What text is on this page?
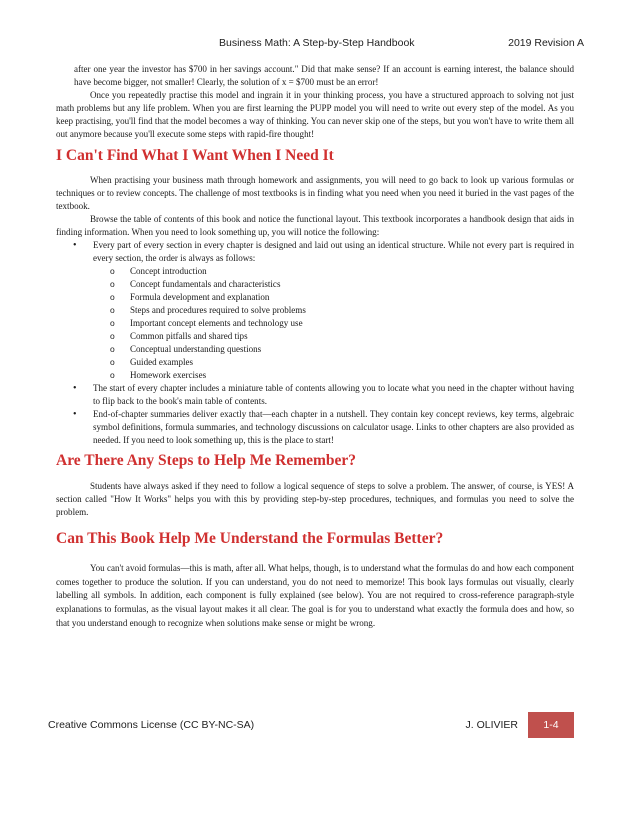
Business Math: A Step-by-Step Handbook	2019 Revision A

after one year the investor has $700 in her savings account." Did that make sense? If an account is earning interest, the balance should have become bigger, not smaller! Clearly, the solution of x = $700 must be an error!

Once you repeatedly practise this model and ingrain it in your thinking process, you have a structured approach to solving not just math problems but any life problem. When you are first learning the PUPP model you will need to write out every step of the model. As you keep practising, you'll find that the model becomes a way of thinking. You can never skip one of the steps, but you won't have to write them all out anymore because you'll execute some steps with rapid-fire thought!

I Can't Find What I Want When I Need It

When practising your business math through homework and assignments, you will need to go back to look up various formulas or techniques or to review concepts. The challenge of most textbooks is in finding what you need when you need it buried in the vast pages of the textbook.

Browse the table of contents of this book and notice the functional layout. This textbook incorporates a handbook design that aids in finding information. When you need to look something up, you will notice the following:

• Every part of every section in every chapter is designed and laid out using an identical structure. While not every part is required in every section, the order is always as follows:
o Concept introduction
o Concept fundamentals and characteristics
o Formula development and explanation
o Steps and procedures required to solve problems
o Important concept elements and technology use
o Common pitfalls and shared tips
o Conceptual understanding questions
o Guided examples
o Homework exercises
• The start of every chapter includes a miniature table of contents allowing you to locate what you need in the chapter without having to flip back to the book's main table of contents.
• End-of-chapter summaries deliver exactly that—each chapter in a nutshell. They contain key concept reviews, key terms, algebraic symbol definitions, formula summaries, and technology discussions on calculator usage. Links to other chapters are also provided as needed. If you need to look something up, this is the place to start!
Are There Any Steps to Help Me Remember?

Students have always asked if they need to follow a logical sequence of steps to solve a problem. The answer, of course, is YES! A section called "How It Works" helps you with this by providing step-by-step procedures, techniques, and formulas you need to solve the problem.

Can This Book Help Me Understand the Formulas Better?

You can't avoid formulas—this is math, after all. What helps, though, is to understand what the formulas do and how each component comes together to produce the solution. If you can understand, you do not need to memorize! This book lays formulas out visually, clearly labelling all symbols. In addition, each component is fully explained (see below). You are not required to cross-reference paragraph-style explanations to formulas, as the visual layout makes it all clear. The goal is for you to understand what exactly the formula does and how, so that you understand enough to recognize when solutions make sense or might be wrong.

Creative Commons License (CC BY-NC-SA)	J. OLIVIER	1-4
